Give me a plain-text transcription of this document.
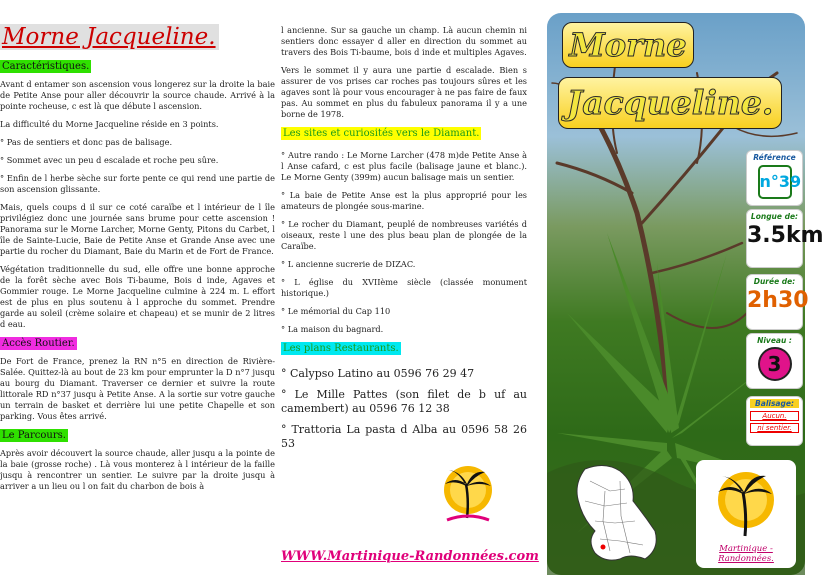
Morne Jacqueline.
Caractéristiques.

Avant d entamer son ascension vous longerez sur la droite la baie de Petite Anse pour aller découvrir la source chaude. Arrivé à la pointe rocheuse, c est là que débute l ascension.

La difficulté du Morne Jacqueline réside en 3 points.

° Pas de sentiers et donc pas de balisage.

° Sommet avec un peu d escalade et roche peu sûre.

° Enfin de l herbe sèche sur forte pente ce qui rend une partie de son ascension glissante.

Mais, quels coups d il sur ce coté caraïbe et l intérieur de l île privilégiez donc une journée sans brume pour cette ascension ! Panorama sur le Morne Larcher, Morne Genty, Pitons du Carbet, l île de Sainte-Lucie, Baie de Petite Anse et Grande Anse avec une partie du rocher du Diamant, Baie du Marin et de Fort de France.

Végétation traditionnelle du sud, elle offre une bonne approche de la forêt sèche avec Bois Ti-baume, Bois d inde, Agaves et Gommier rouge. Le Morne Jacqueline culmine à 224 m. L effort est de plus en plus soutenu à l approche du sommet. Prendre garde au soleil (crème solaire et chapeau) et se munir de 2 litres d eau.

Accès Routier.

De Fort de France, prenez la RN n°5 en direction de Rivière-Salée. Quittez-là au bout de 23 km pour emprunter la D n°7 jusqu au bourg du Diamant. Traverser ce dernier et suivre la route littorale RD n°37 jusqu à Petite Anse. A la sortie sur votre gauche un terrain de basket et derrière lui une petite Chapelle et son parking. Vous êtes arrivé.

Le Parcours.

Après avoir découvert la source chaude, aller jusqu a la pointe de la baie (grosse roche) . Là vous monterez à l intérieur de la faille jusqu à rencontrer un sentier. Le suivre par la droite jusqu à arriver a un lieu ou l on fait du charbon de bois à

l ancienne. Sur sa gauche un champ. Là aucun chemin ni sentiers donc essayer d aller en direction du sommet au travers des Bois Ti-baume, bois d inde et multiples Agaves.

Vers le sommet il y aura une partie d escalade. Bien s assurer de vos prises car roches pas toujours sûres et les agaves sont là pour vous encourager à ne pas faire de faux pas. Au sommet en plus du fabuleux panorama il y a une borne de 1978.

Les sites et curiosités vers le Diamant.

° Autre rando : Le Morne Larcher (478 m)de Petite Anse à l Anse cafard, c est plus facile (balisage jaune et blanc.). Le Morne Genty (399m) aucun balisage mais un sentier.

° La baie de Petite Anse est la plus approprié pour les amateurs de plongée sous-marine.

° Le rocher du Diamant, peuplé de nombreuses variétés d oiseaux, reste l une des plus beau plan de plongée de la Caraïbe.

° L ancienne sucrerie de DIZAC.

° L église du XVIIème siècle (classée monument historique.)

° Le mémorial du Cap 110

° La maison du bagnard.

Les plans Restaurants.

° Calypso Latino au 0596 76 29 47

° Le Mille Pattes (son filet de b uf au camembert) au 0596 76 12 38

° Trattoria La pasta d Alba au 0596 58 26 53

WWW.Martinique-Randonnées.com
Morne
Jacqueline.
Référence
n°39
Longue de:
3.5km
Durée de:
2h30
Niveau :
3
Balisage:
Aucun.
ni sentier.
Martinique - Randonnées.
